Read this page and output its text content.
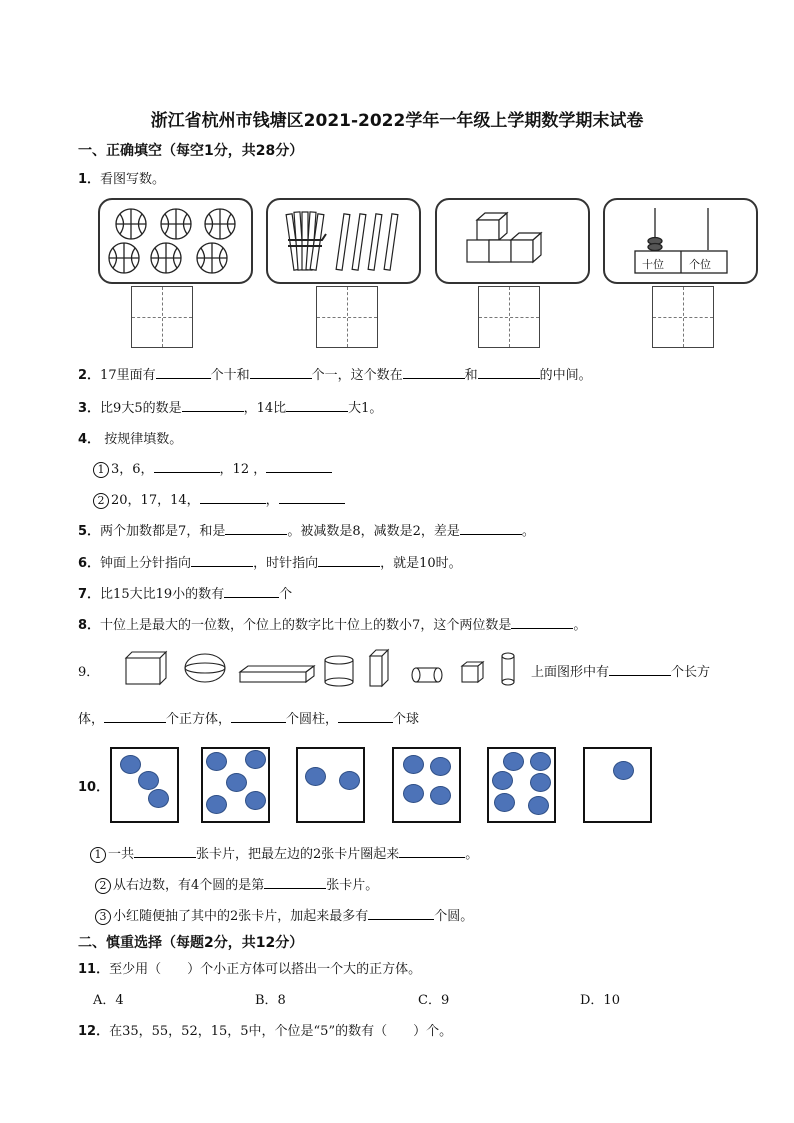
浙江省杭州市钱塘区2021-2022学年一年级上学期数学期末试卷
一、正确填空（每空1分，共28分）
1．看图写数。
十位 个位
2．17里面有	个十和	个一，这个数在	和	的中间。
3．比9大5的数是	，14比	大1。
4． 按规律填数。
1 3，6，	，12 ，
2 20，17，14，	，
5．两个加数都是7，和是	。被减数是8，减数是2，差是	。
6．钟面上分针指向	，时针指向	，就是10时。
7．比15大比19小的数有	个
8．十位上是最大的一位数，个位上的数字比十位上的数小7，这个两位数是	。
9．	上面图形中有	个长方
体，	个正方体，	个圆柱，	个球
10．
1 一共	张卡片，把最左边的2张卡片圈起来	。
2 从右边数，有4个圆的是第	张卡片。
3 小红随便抽了其中的2张卡片，加起来最多有	个圆。
二、慎重选择（每题2分，共12分）
11．至少用（　　）个小正方体可以搭出一个大的正方体。
A．4	B．8	C．9	D．10
12．在35，55，52，15，5中，个位是“5”的数有（　　）个。
